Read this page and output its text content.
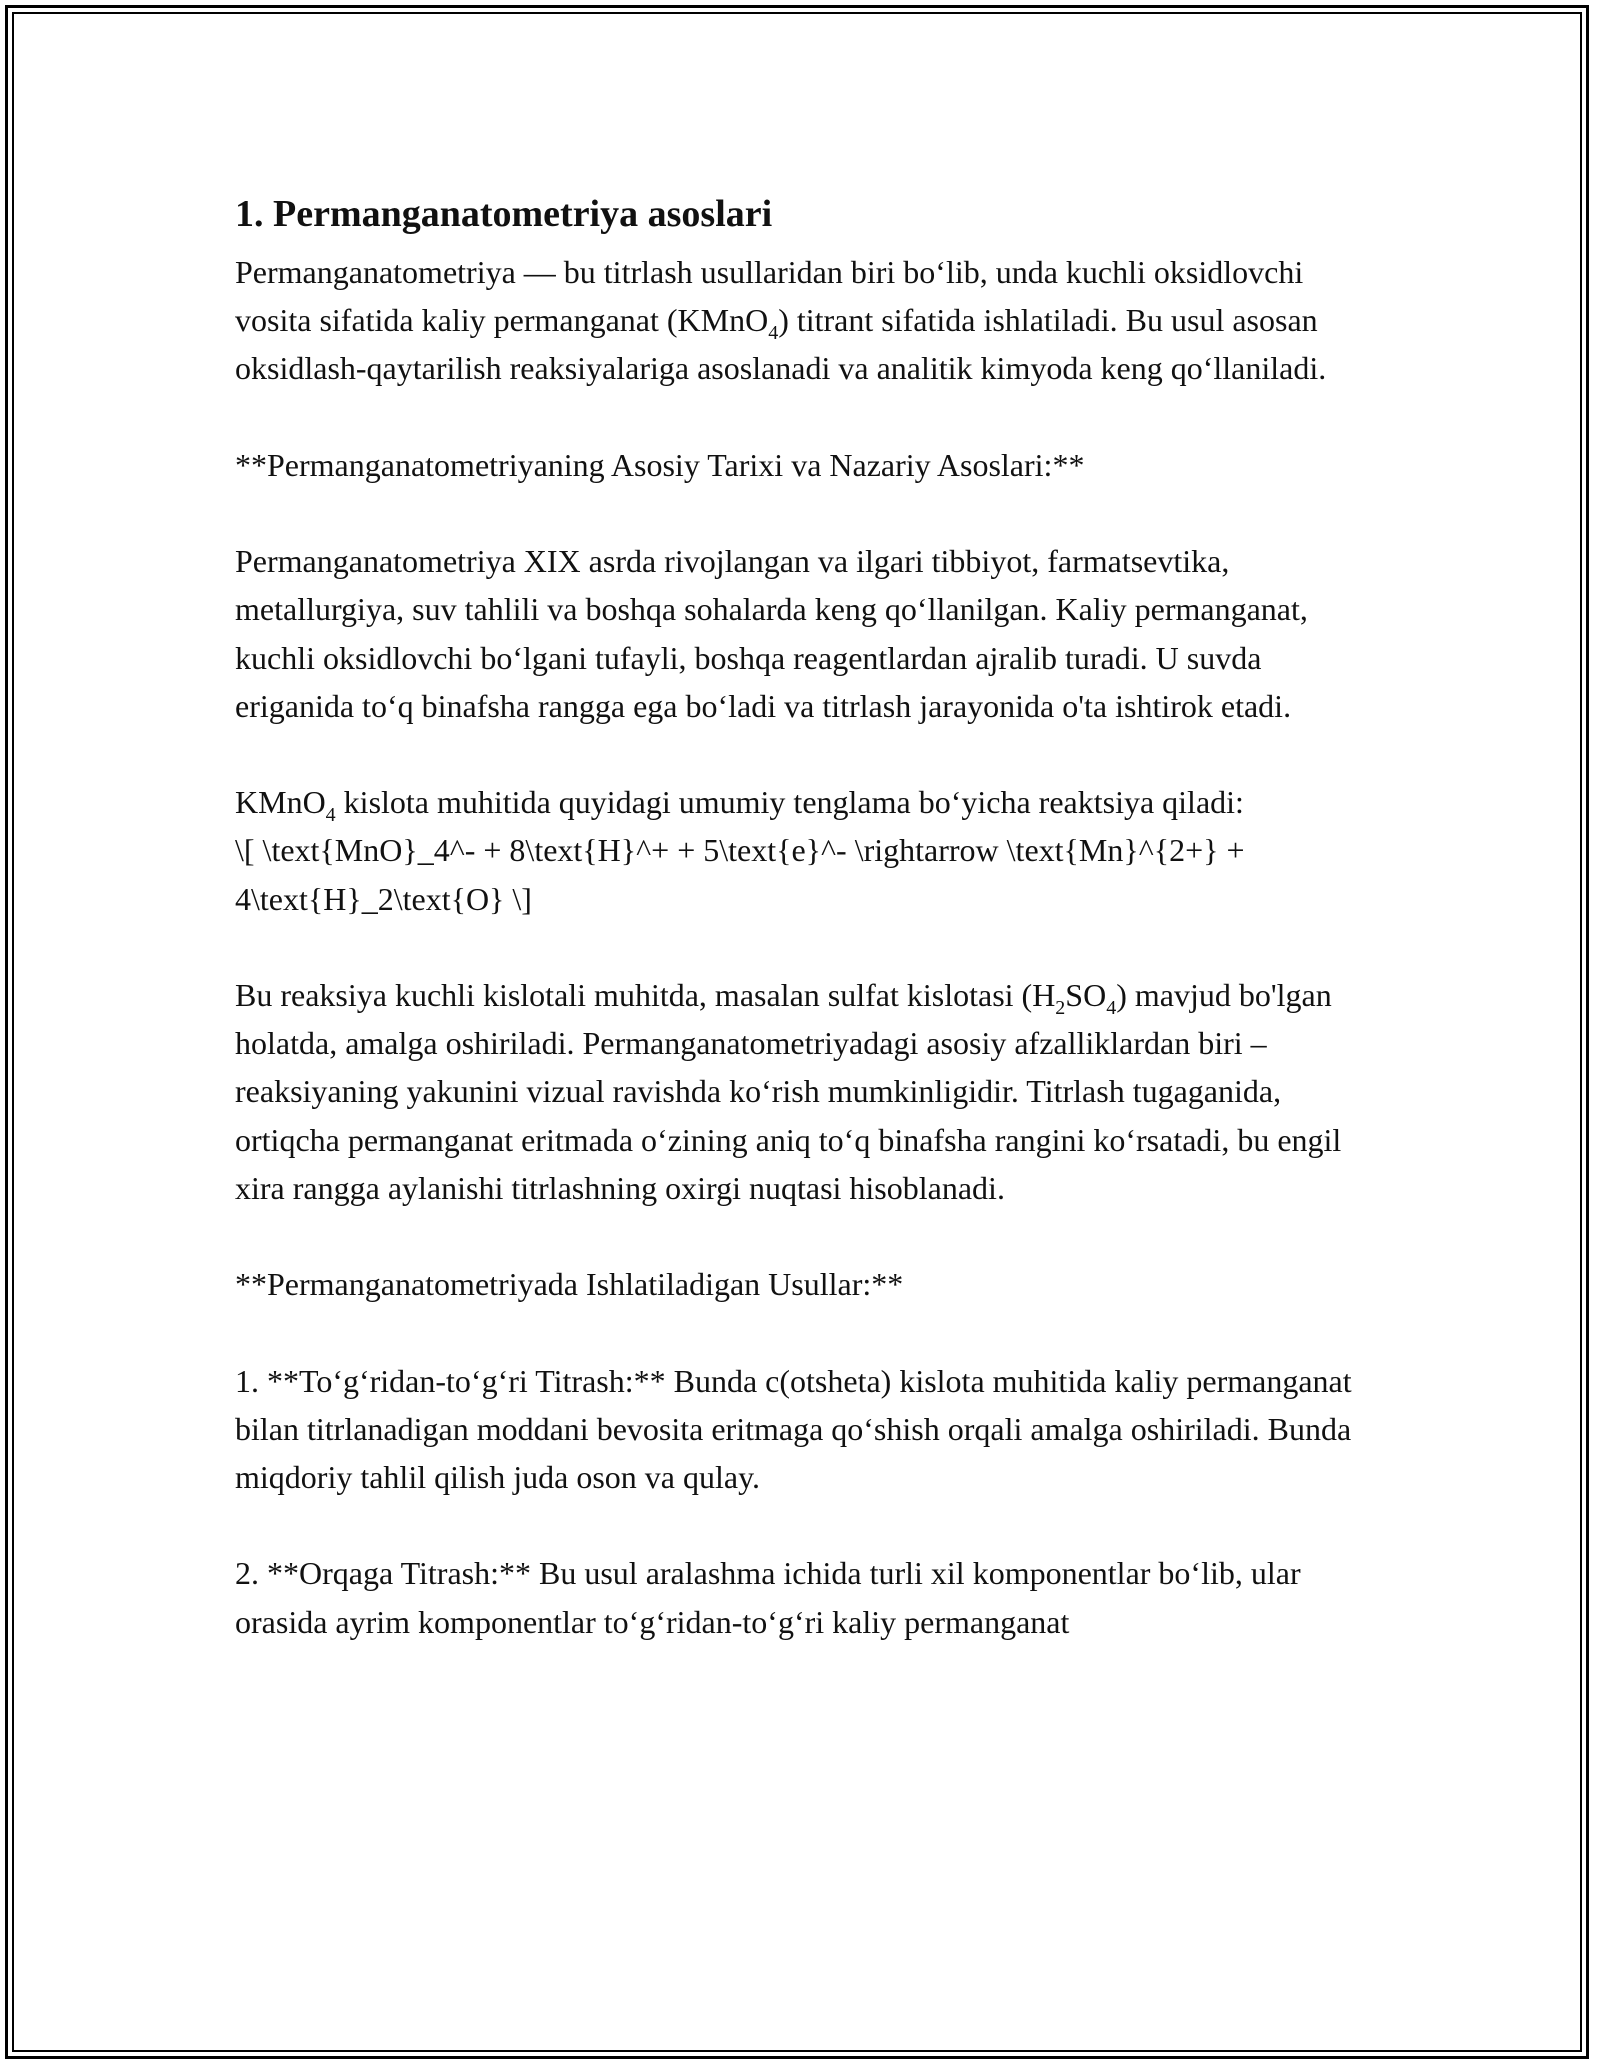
1. Permanganatometriya asoslari

Permanganatometriya — bu titrlash usullaridan biri bo‘lib, unda kuchli oksidlovchi vosita sifatida kaliy permanganat (KMnO$_4$) titrant sifatida ishlatiladi. Bu usul asosan oksidlash-qaytarilish reaksiyalariga asoslanadi va analitik kimyoda keng qo‘llaniladi.

**Permanganatometriyaning Asosiy Tarixi va Nazariy Asoslari:**

Permanganatometriya XIX asrda rivojlangan va ilgari tibbiyot, farmatsevtika, metallurgiya, suv tahlili va boshqa sohalarda keng qo‘llanilgan. Kaliy permanganat, kuchli oksidlovchi bo‘lgani tufayli, boshqa reagentlardan ajralib turadi. U suvda eriganida to‘q binafsha rangga ega bo‘ladi va titrlash jarayonida o'ta ishtirok etadi.

KMnO$_4$ kislota muhitida quyidagi umumiy tenglama bo‘yicha reaktsiya qiladi:

\[ \text{MnO}_4^- + 8\text{H}^+ + 5\text{e}^- \rightarrow \text{Mn}^{2+} + 4\text{H}_2\text{O} \]

Bu reaksiya kuchli kislotali muhitda, masalan sulfat kislotasi $(H_2SO_4)$ mavjud bo'lgan holatda, amalga oshiriladi. Permanganatometriyadagi asosiy afzalliklardan biri – reaksiyaning yakunini vizual ravishda ko‘rish mumkinligidir. Titrlash tugaganida, ortiqcha permanganat eritmada o‘zining aniq to‘q binafsha rangini ko‘rsatadi, bu engil xira rangga aylanishi titrlashning oxirgi nuqtasi hisoblanadi.

**Permanganatometriyada Ishlatiladigan Usullar:**

1. **To‘g‘ridan-to‘g‘ri Titrash:** Bunda c(otsheta) kislota muhitida kaliy permanganat bilan titrlanadigan moddani bevosita eritmaga qo‘shish orqali amalga oshiriladi. Bunda miqdoriy tahlil qilish juda oson va qulay.

2. **Orqaga Titrash:** Bu usul aralashma ichida turli xil komponentlar bo‘lib, ular orasida ayrim komponentlar to‘g‘ridan-to‘g‘ri kaliy permanganat
